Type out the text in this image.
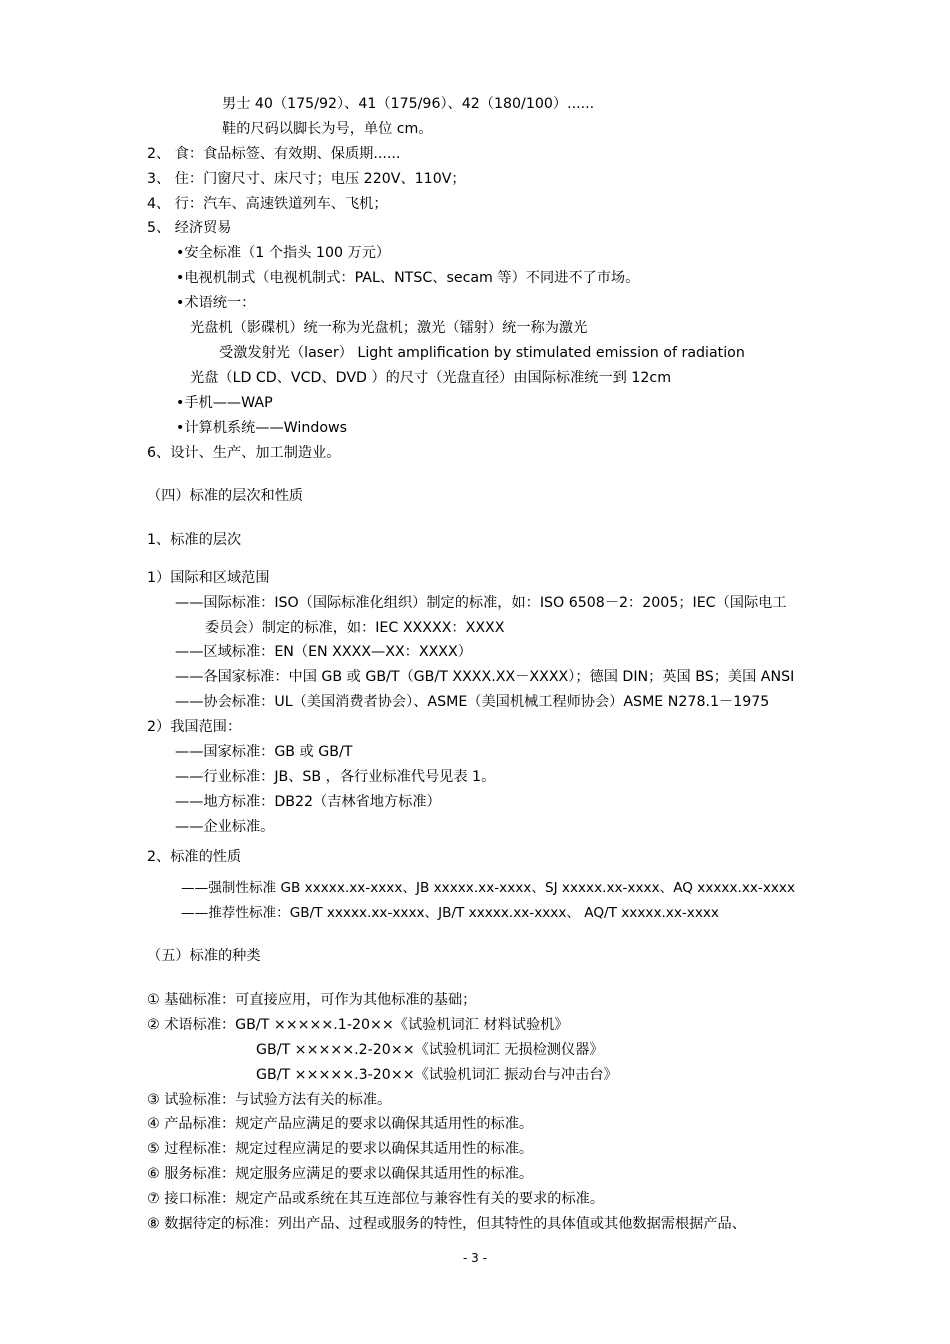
男士 40（175/92）、41（175/96）、42（180/100）......
鞋的尺码以脚长为号，单位 cm。
2、 食：食品标签、有效期、保质期......
3、 住：门窗尺寸、床尺寸；电压 220V、110V；
4、 行：汽车、高速铁道列车、飞机；
5、 经济贸易
•安全标准（1 个指头 100 万元）
•电视机制式（电视机制式：PAL、NTSC、secam 等）不同进不了市场。
•术语统一：
光盘机（影碟机）统一称为光盘机；激光（镭射）统一称为激光
受激发射光（laser） Light amplification by stimulated emission of radiation
光盘（LD CD、VCD、DVD ）的尺寸（光盘直径）由国际标准统一到 12cm
•手机——WAP
•计算机系统——Windows
6、设计、生产、加工制造业。
（四）标准的层次和性质
1、标准的层次
1）国际和区域范围
——国际标准：ISO（国际标准化组织）制定的标准，如：ISO 6508－2：2005；IEC（国际电工
委员会）制定的标准，如：IEC XXXXX：XXXX
——区域标准：EN（EN XXXX—XX：XXXX）
——各国家标准：中国 GB 或 GB/T（GB/T XXXX.XX－XXXX）；德国 DIN；英国 BS；美国 ANSI
——协会标准：UL（美国消费者协会）、ASME（美国机械工程师协会）ASME N278.1－1975
2）我国范围：
——国家标准：GB 或 GB/T
——行业标准：JB、SB ，各行业标准代号见表 1。
——地方标准：DB22（吉林省地方标准）
——企业标准。
2、标准的性质
——强制性标准 GB xxxxx.xx-xxxx、JB xxxxx.xx-xxxx、SJ xxxxx.xx-xxxx、AQ xxxxx.xx-xxxx
——推荐性标准：GB/T xxxxx.xx-xxxx、JB/T xxxxx.xx-xxxx、 AQ/T xxxxx.xx-xxxx
（五）标准的种类
① 基础标准：可直接应用，可作为其他标准的基础；
② 术语标准：GB/T ×××××.1-20××《试验机词汇 材料试验机》
GB/T ×××××.2-20××《试验机词汇 无损检测仪器》
GB/T ×××××.3-20××《试验机词汇 振动台与冲击台》
③ 试验标准：与试验方法有关的标准。
④ 产品标准：规定产品应满足的要求以确保其适用性的标准。
⑤ 过程标准：规定过程应满足的要求以确保其适用性的标准。
⑥ 服务标准：规定服务应满足的要求以确保其适用性的标准。
⑦ 接口标准：规定产品或系统在其互连部位与兼容性有关的要求的标准。
⑧ 数据待定的标准：列出产品、过程或服务的特性，但其特性的具体值或其他数据需根据产品、
- 3 -
